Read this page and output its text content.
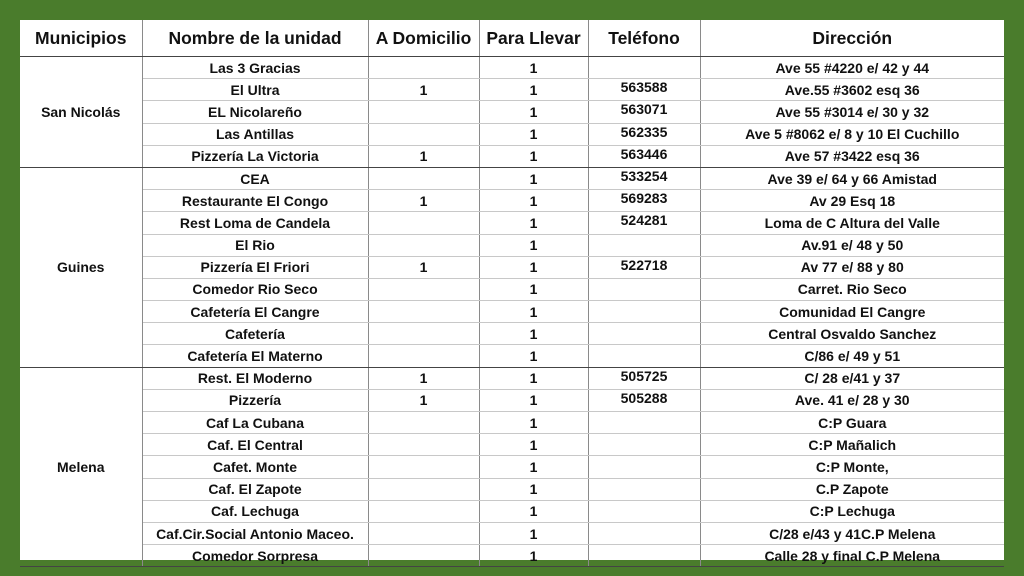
Municipios	Nombre de la unidad	A Domicilio	Para Llevar	Teléfono	Dirección
San Nicolás	Las 3 Gracias		1		Ave 55 #4220 e/ 42 y 44
	El Ultra	1	1	563588	Ave.55 #3602 esq 36
	EL Nicolareño		1	563071	Ave 55 #3014 e/ 30 y 32
	Las Antillas		1	562335	Ave 5 #8062 e/ 8 y 10 El Cuchillo
	Pizzería La Victoria	1	1	563446	Ave 57 #3422 esq 36
Guines	CEA		1	533254	Ave 39 e/ 64 y 66 Amistad
	Restaurante El Congo	1	1	569283	Av 29 Esq 18
	Rest Loma de Candela		1	524281	Loma de C Altura del Valle
	El Rio		1		Av.91 e/ 48 y 50
	Pizzería El Friori	1	1	522718	Av 77 e/ 88 y 80
	Comedor Rio Seco		1		Carret. Rio Seco
	Cafetería El Cangre		1		Comunidad El Cangre
	Cafetería		1		Central Osvaldo Sanchez
	Cafetería El Materno		1		C/86 e/ 49 y 51
Melena	Rest. El Moderno	1	1	505725	C/ 28 e/41 y 37
	Pizzería	1	1	505288	Ave. 41 e/ 28 y 30
	Caf La Cubana		1		C:P Guara
	Caf. El Central		1		C:P Mañalich
	Cafet. Monte		1		C:P Monte,
	Caf. El Zapote		1		C.P Zapote
	Caf. Lechuga		1		C:P Lechuga
	Caf.Cir.Social Antonio Maceo.		1		C/28 e/43 y 41C.P Melena
	Comedor Sorpresa		1		Calle 28 y final C.P Melena
